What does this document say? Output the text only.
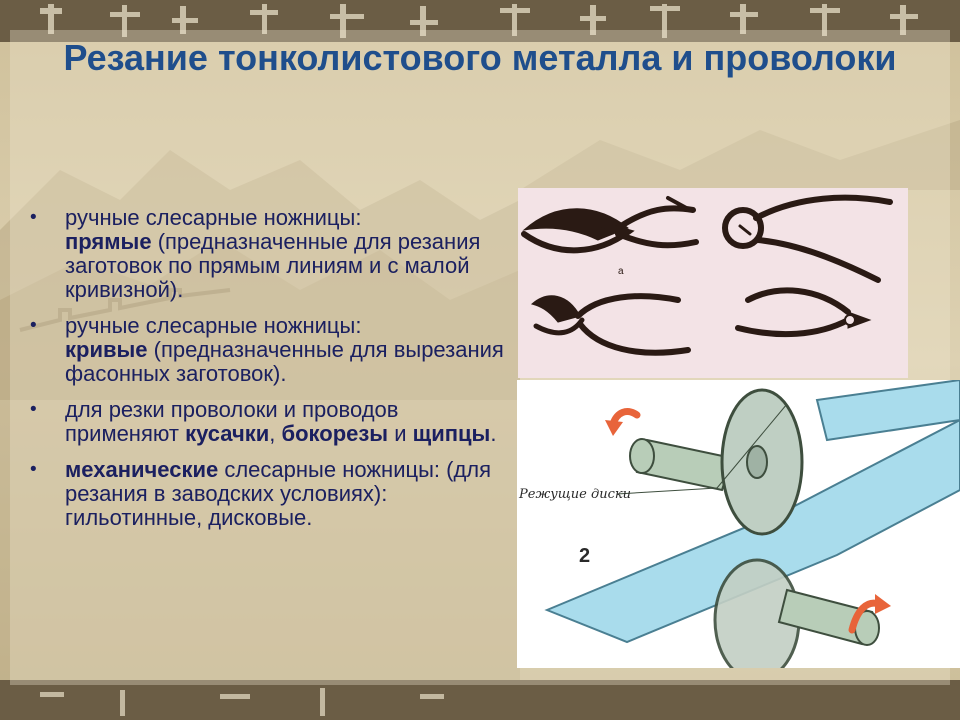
Резание тонколистового металла и проволоки
• ручные слесарные ножницы:
прямые (предназначенные для резания заготовок по прямым линиям и с малой кривизной).
• ручные слесарные ножницы:
кривые (предназначенные для вырезания фасонных заготовок).
• для резки проволоки и проводов применяют кусачки, бокорезы и щипцы.
• механические слесарные ножницы: (для резания в заводских условиях): гильотинные, дисковые.
а
Режущие диски
2
